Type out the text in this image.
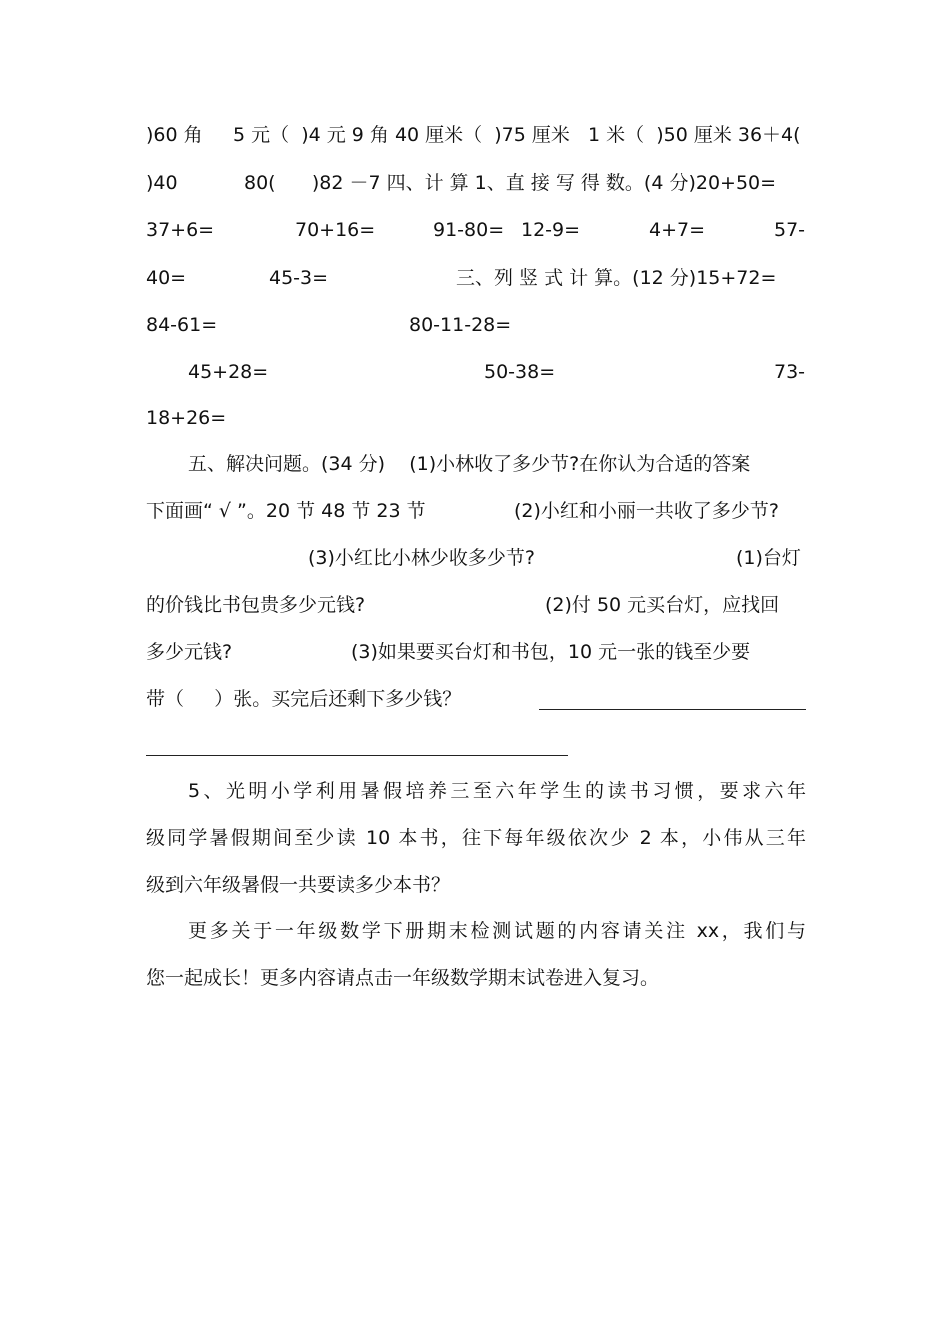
)60 角

5 元（  )4 元 9 角 40 厘米（  )75 厘米   1 米（  )50 厘米 36＋4(

)40

	80(      )82 －7 四、计 算 1、直 接 写 得 数。(4 分)20+50=

37+6=

	70+16=

	91-80=

12-9=

	4+7=

	57-

40=

	45-3=

	三、列 竖 式 计 算。(12 分)15+72=

84-61=

	80-11-28=

45+28=

	50-38=

	73-

18+26=

五、解决问题。(34 分)    (1)小林收了多少节?在你认为合适的答案

下面画“ √ ”。20 节 48 节 23 节

	(2)小红和小丽一共收了多少节?

(3)小红比小林少收多少节?

	(1)台灯

的价钱比书包贵多少元钱?

	(2)付 50 元买台灯，应找回

多少元钱?

	(3)如果要买台灯和书包，10 元一张的钱至少要

带（     ）张。买完后还剩下多少钱？

5、光明小学利用暑假培养三至六年学生的读书习惯，要求六年
级同学暑假期间至少读 10 本书，往下每年级依次少 2 本，小伟从三年
级到六年级暑假一共要读多少本书？
更多关于一年级数学下册期末检测试题的内容请关注 xx，我们与
您一起成长！更多内容请点击一年级数学期末试卷进入复习。
